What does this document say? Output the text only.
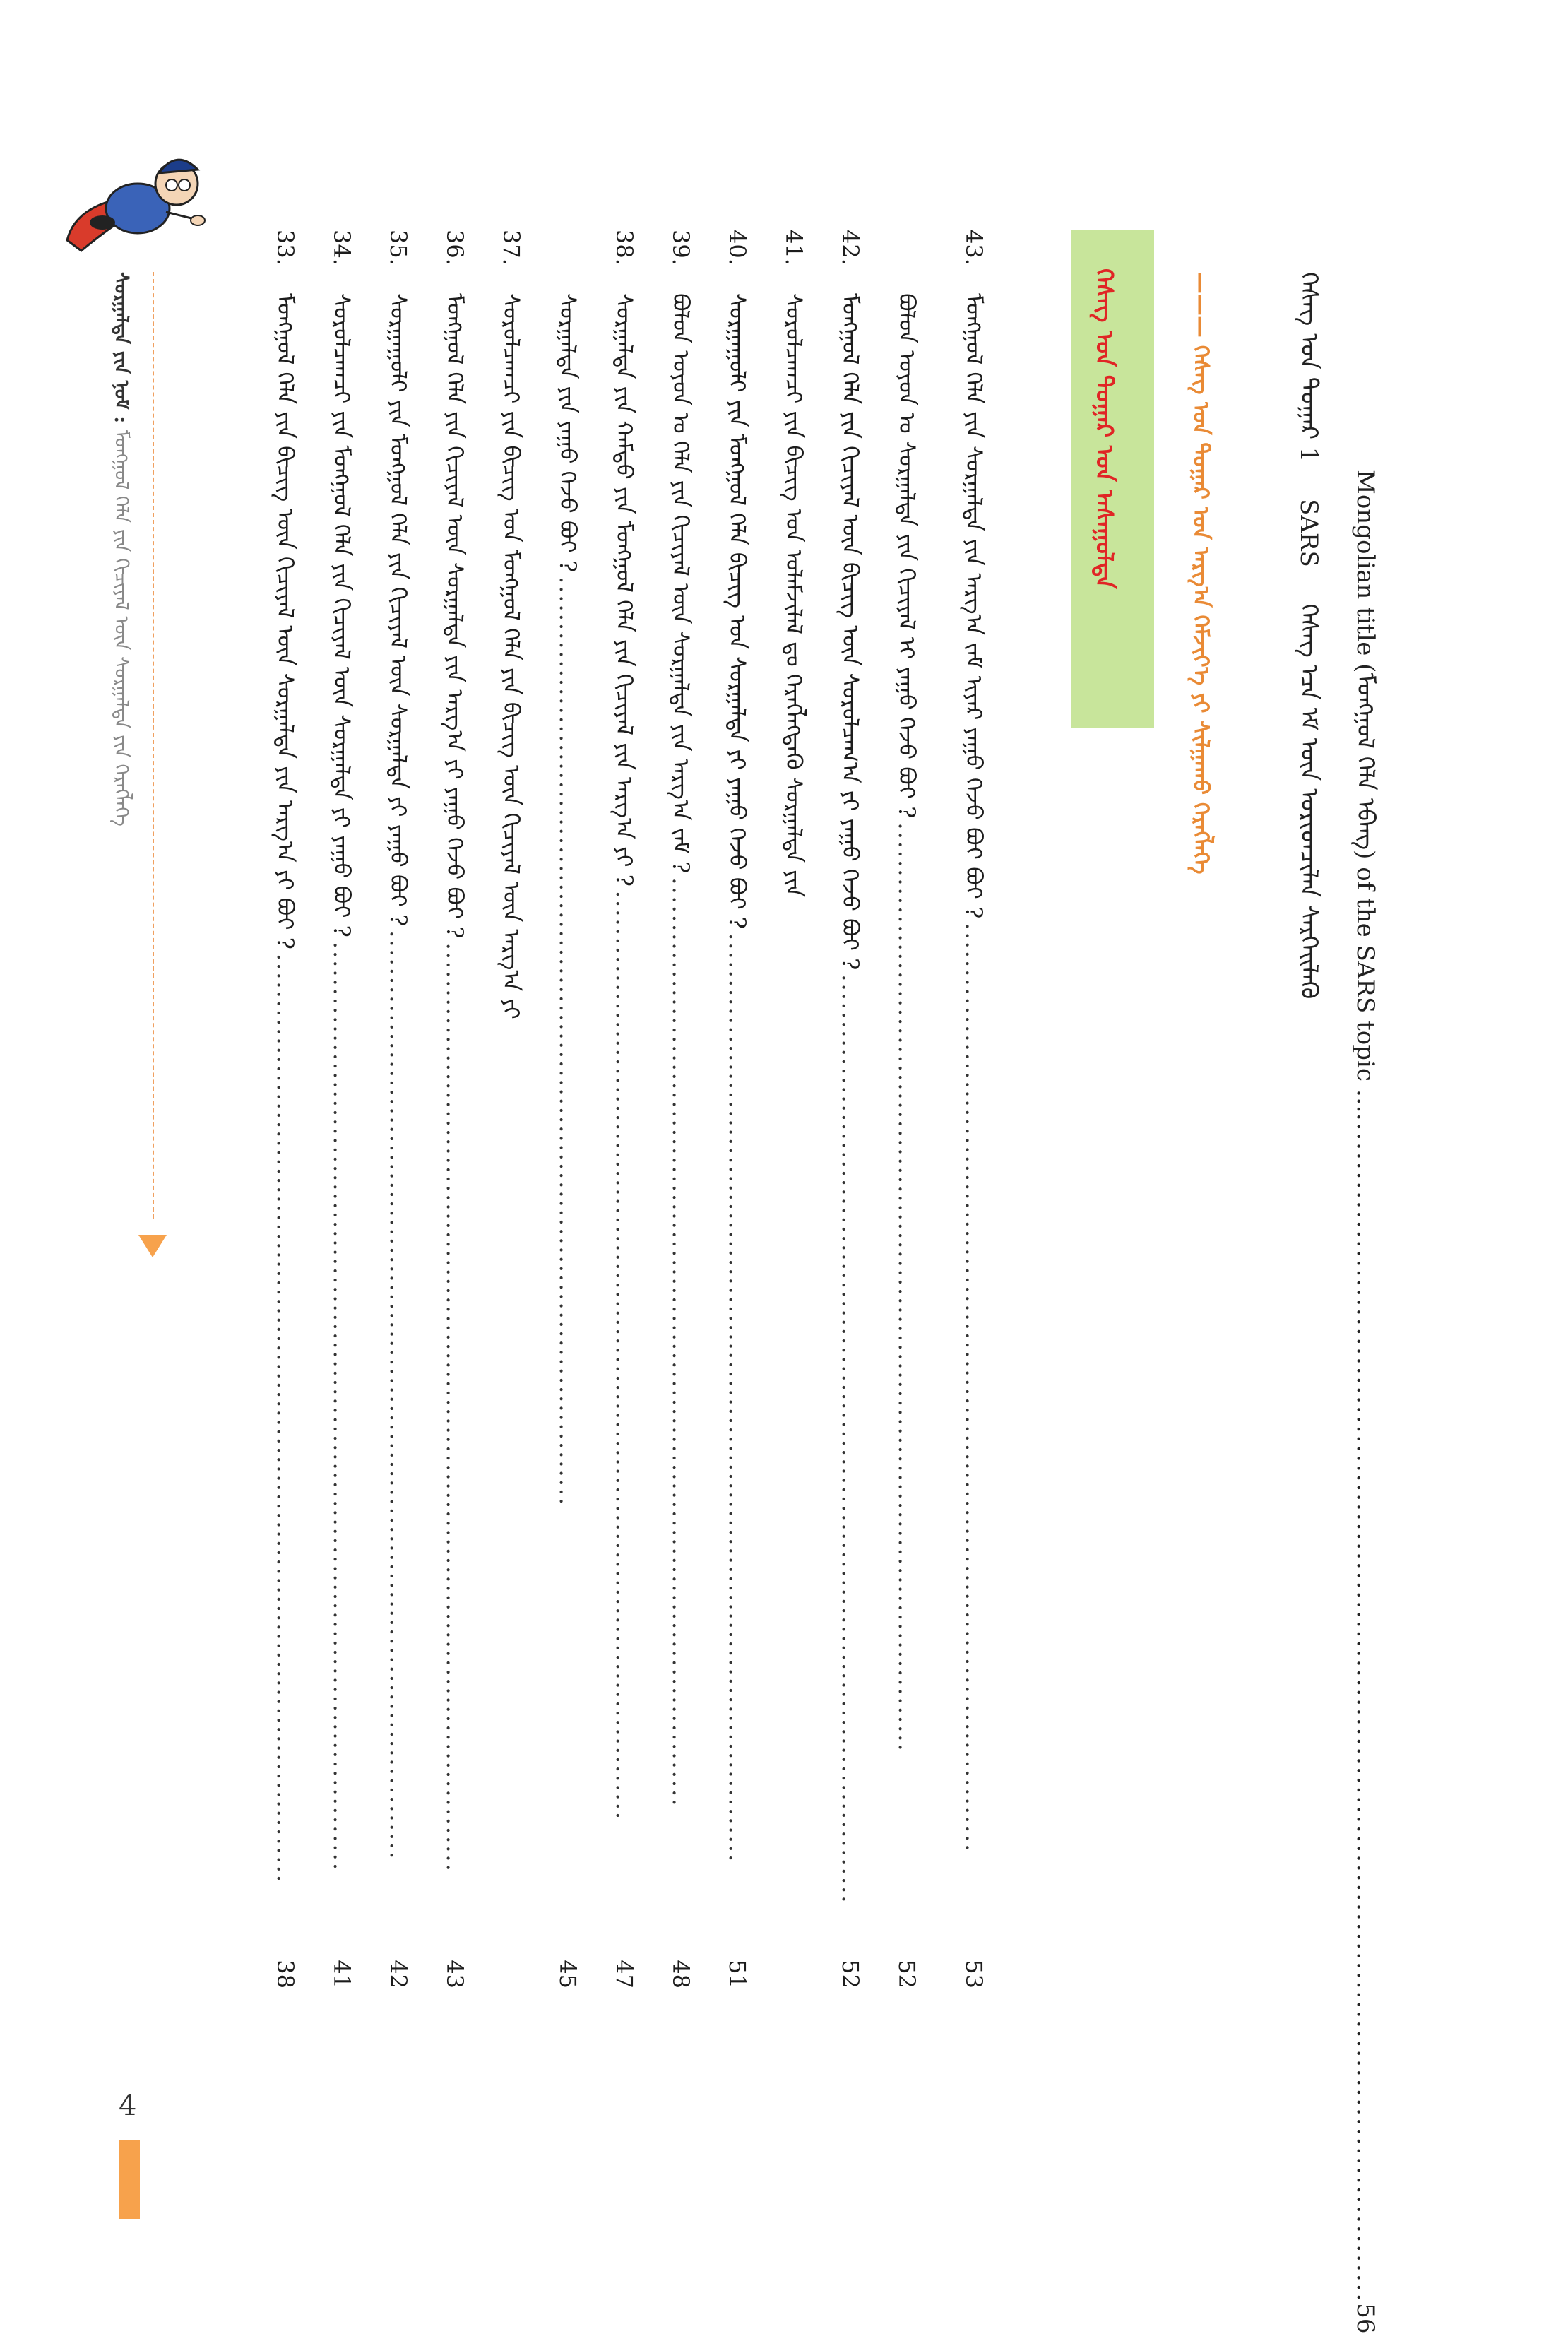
Mongolian title (ᠮᠣᠩᠭᠣᠯ ᠬᠡᠯᠡ ᠡᠪᠡᠩ) of the SARS topic …
..........................................................................................................................
56
ᠬᠡᠰᠡᠭ ᠤᠨ ᠳᠤᠭᠠᠷ 1  SARS  ᠬᠡᠰᠡᠭ ᠡᠴᠡ ᠡᠮ ᠦᠨ ᠤᠷᠢᠳᠴᠢᠯᠠᠨ ᠰᠡᠷᠭᠡᠢᠯᠡᠬᠦ
——— ᠬᠡᠰᠡᠭ ᠤᠨ ᠳᠤᠭᠠᠷ ᠤᠨ ᠠᠷᠭ᠎ᠠ ᠬᠡᠮᠵᠢᠶ᠎ᠡ ᠶᠢ ᠰᠢᠯᠭᠠᠬᠤ ᠬᠡᠷᠡᠭᠯᠡᠭᠡ
ᠬᠡᠰᠡᠭ ᠤᠨ ᠳᠤᠭᠠᠷ ᠤᠨ ᠠᠰᠠᠭᠤᠯᠲᠠ
43.
ᠮᠣᠩᠭᠣᠯ ᠬᠡᠯᠡ ᠶᠢᠨ ᠰᠤᠷᠭᠠᠯᠲᠠ ᠶᠢᠨ ᠠᠷᠭ᠎ᠠ ᠵᠠᠮ ᠢᠶᠠᠷ ᠶᠠᠭᠤ ᠭᠡᠵᠦ ᠪᠤᠢ ᠪᠤᠢ ?
....................................................................................................
53
42.
ᠮᠣᠩᠭᠣᠯ ᠬᠡᠯᠡ ᠶᠢᠨ ᠬᠢᠴᠢᠶᠡᠯ ᠦᠨ ᠪᠢᠴᠢᠭ ᠦᠨ ᠰᠤᠷᠤᠯᠴᠠᠭ᠎ᠠ ᠶᠢ ᠶᠠᠭᠤ ᠭᠡᠵᠦ ᠪᠤᠢ ?
....................................................................................................
52
ᠪᠣᠯᠤᠨ ᠣᠶᠤᠨ ᠤ ᠰᠤᠷᠭᠠᠯᠲᠠ ᠶᠢᠨ ᠬᠢᠴᠢᠶᠡᠯ ᠢ ᠶᠠᠭᠤ ᠭᠡᠵᠦ ᠪᠤᠢ ?
....................................................................................................
52
41.
ᠰᠤᠷᠤᠯᠴᠠᠭᠴᠢ ᠶᠢᠨ ᠪᠢᠴᠢᠭ ᠤᠨ ᠤᠯᠠᠮᠵᠢᠯᠠᠯ ᠳᠤ ᠬᠡᠷᠡᠭᠯᠡᠭᠳᠡᠬᠦ ᠰᠤᠷᠭᠠᠯᠲᠠ ᠶᠢᠨ
40.
ᠰᠤᠷᠭᠠᠭᠤᠯᠢ ᠶᠢᠨ ᠮᠣᠩᠭᠣᠯ ᠬᠡᠯᠡ ᠪᠢᠴᠢᠭ ᠤᠨ ᠰᠤᠷᠭᠠᠯᠲᠠ ᠶᠢ ᠶᠠᠭᠤ ᠭᠡᠵᠦ ᠪᠤᠢ ?
....................................................................................................
51
39.
ᠪᠣᠯᠤᠨ ᠣᠶᠤᠨ ᠤ ᠬᠡᠯᠡ ᠶᠢᠨ ᠬᠢᠴᠢᠶᠡᠯ ᠦᠨ ᠰᠤᠷᠭᠠᠯᠲᠠ ᠶᠢᠨ ᠠᠷᠭ᠎ᠠ ᠵᠠᠮ ?
....................................................................................................
48
38.
ᠰᠤᠷᠭᠠᠯᠲᠠ ᠶᠢᠨ ᠬᠠᠮᠲᠤ ᠶᠢᠨ ᠮᠣᠩᠭᠣᠯ ᠬᠡᠯᠡ ᠶᠢᠨ ᠬᠢᠴᠢᠶᠡᠯ ᠶᠢᠨ ᠠᠷᠭ᠎ᠠ ᠶᠢ ?
....................................................................................................
47
ᠰᠤᠷᠭᠠᠯᠲᠠ ᠶᠢᠨ ᠶᠠᠭᠤ ᠭᠡᠵᠦ ᠪᠤᠢ ?
....................................................................................................
45
37.
ᠰᠤᠷᠤᠯᠴᠠᠭᠴᠢ ᠶᠢᠨ ᠪᠢᠴᠢᠭ ᠤᠨ ᠮᠣᠩᠭᠣᠯ ᠬᠡᠯᠡ ᠶᠢᠨ ᠪᠢᠴᠢᠭ ᠦᠨ ᠬᠢᠴᠢᠶᠡᠯ ᠦᠨ ᠠᠷᠭ᠎ᠠ ᠶᠢ
36.
ᠮᠣᠩᠭᠣᠯ ᠬᠡᠯᠡ ᠶᠢᠨ ᠬᠢᠴᠢᠶᠡᠯ ᠦᠨ ᠰᠤᠷᠭᠠᠯᠲᠠ ᠶᠢᠨ ᠠᠷᠭ᠎ᠠ ᠶᠢ ᠶᠠᠭᠤ ᠭᠡᠵᠦ ᠪᠤᠢ ?
....................................................................................................
43
35.
ᠰᠤᠷᠭᠠᠭᠤᠯᠢ ᠶᠢᠨ ᠮᠣᠩᠭᠣᠯ ᠬᠡᠯᠡ ᠶᠢᠨ ᠬᠢᠴᠢᠶᠡᠯ ᠦᠨ ᠰᠤᠷᠭᠠᠯᠲᠠ ᠶᠢ ᠶᠠᠭᠤ ᠪᠤᠢ ?
....................................................................................................
42
34.
ᠰᠤᠷᠤᠯᠴᠠᠭᠴᠢ ᠶᠢᠨ ᠮᠣᠩᠭᠣᠯ ᠬᠡᠯᠡ ᠶᠢᠨ ᠬᠢᠴᠢᠶᠡᠯ ᠦᠨ ᠰᠤᠷᠭᠠᠯᠲᠠ ᠶᠢ ᠶᠠᠭᠤ ᠪᠤᠢ ?
....................................................................................................
41
33.
ᠮᠣᠩᠭᠣᠯ ᠬᠡᠯᠡ ᠶᠢᠨ ᠪᠢᠴᠢᠭ ᠦᠨ ᠬᠢᠴᠢᠶᠡᠯ ᠦᠨ ᠰᠤᠷᠭᠠᠯᠲᠠ ᠶᠢᠨ ᠠᠷᠭ᠎ᠠ ᠶᠢ ᠪᠤᠢ ?
....................................................................................................
38
ᠰᠤᠷᠭᠠᠯᠲᠠ ᠶᠢᠨ ᠨᠣᠮ : ᠮᠣᠩᠭᠣᠯ ᠬᠡᠯᠡ ᠶᠢᠨ ᠬᠢᠴᠢᠶᠡᠯ ᠦᠨ ᠰᠤᠷᠭᠠᠯᠲᠠ ᠶᠢᠨ ᠬᠡᠷᠡᠭᠯᠡᠭᠡ
4
